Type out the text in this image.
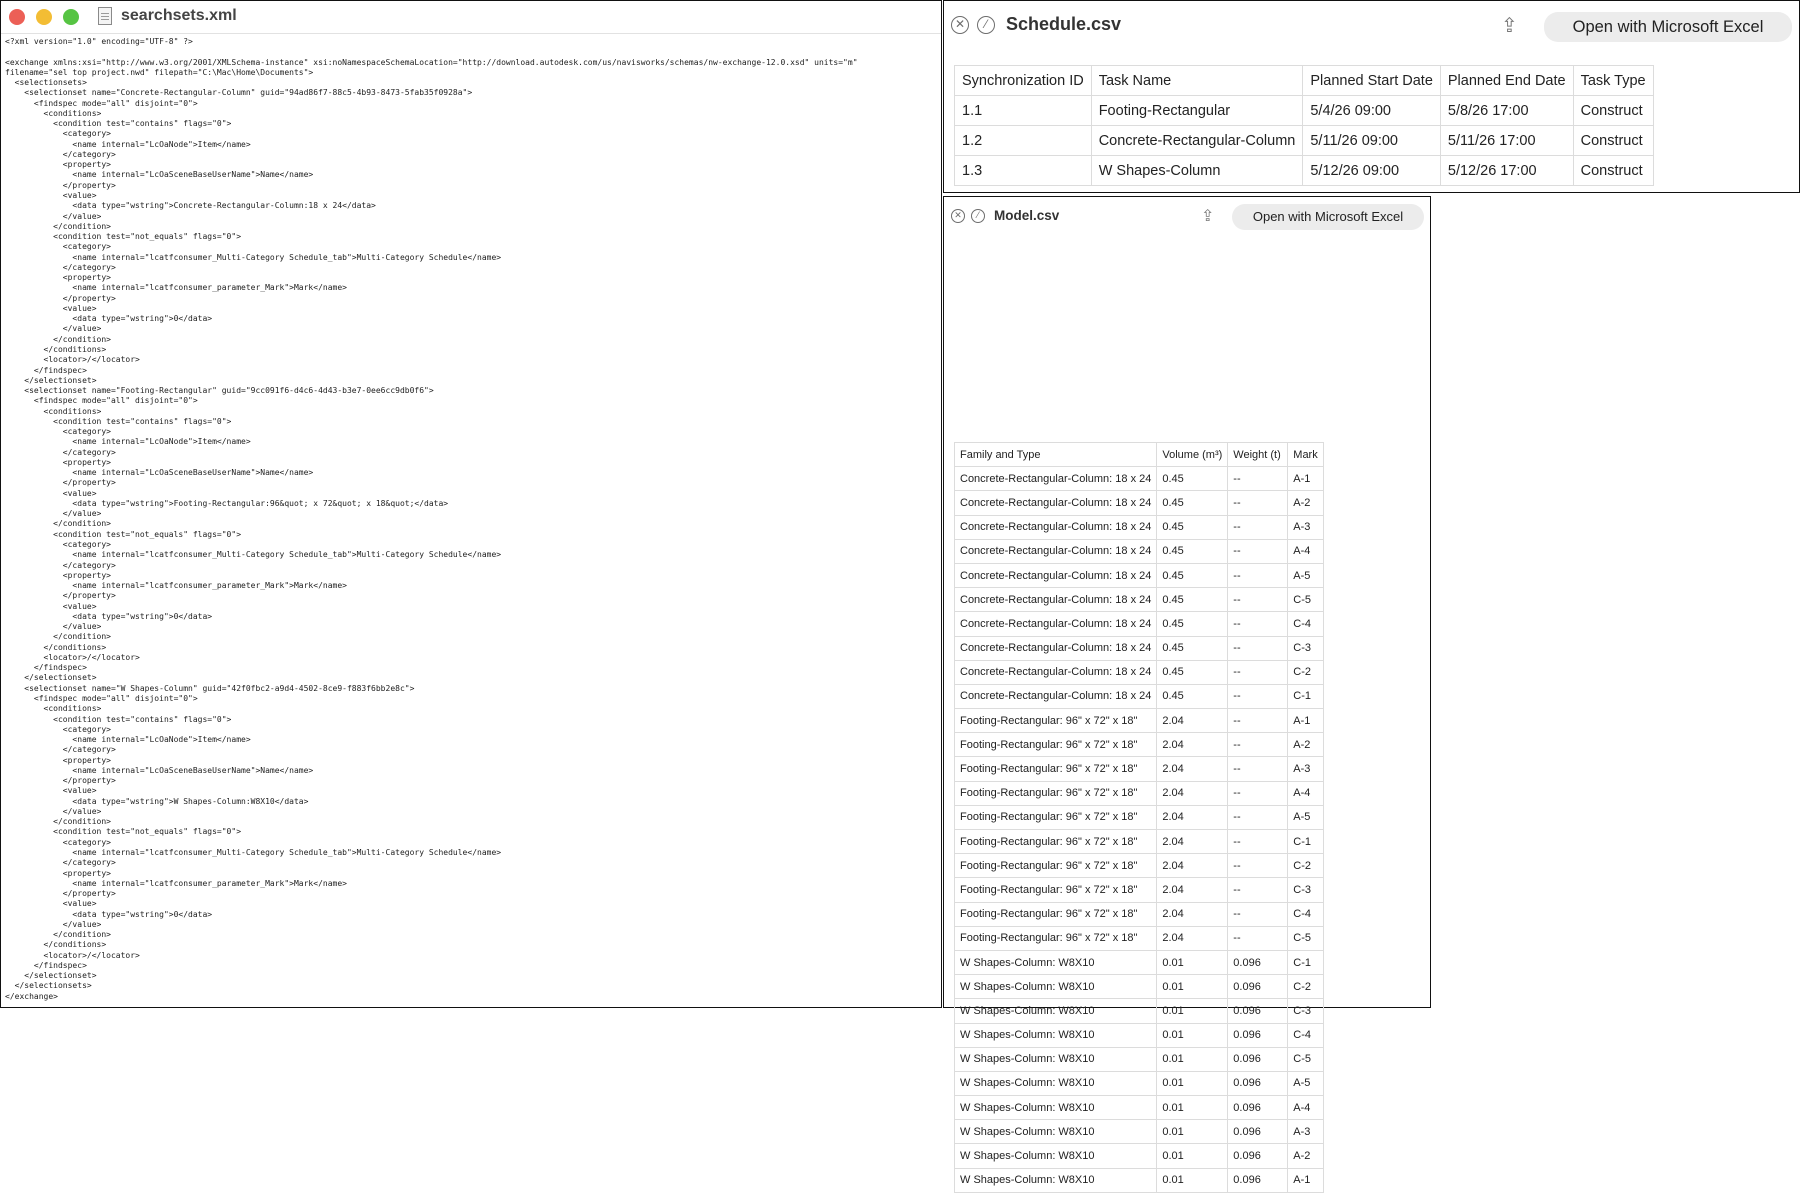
searchsets.xml
<?xml version="1.0" encoding="UTF-8" ?>
<exchange xmlns:xsi="http://www.w3.org/2001/XMLSchema-instance" xsi:noNamespaceSchemaLocation="http://download.autodesk.com/us/navisworks/schemas/nw-exchange-12.0.xsd" units="m"
filename="sel top project.nwd" filepath="C:\Mac\Home\Documents">
<selectionsets>
<selectionset name="Concrete-Rectangular-Column" guid="94ad86f7-88c5-4b93-8473-5fab35f0928a">
<findspec mode="all" disjoint="0">
<conditions>
<condition test="contains" flags="0">
<category>
<name internal="LcOaNode">Item</name>
</category>
<property>
<name internal="LcOaSceneBaseUserName">Name</name>
</property>
<value>
<data type="wstring">Concrete-Rectangular-Column:18 x 24</data>
</value>
</condition>
<condition test="not_equals" flags="0">
<category>
<name internal="lcatfconsumer_Multi-Category Schedule_tab">Multi-Category Schedule</name>
</category>
<property>
<name internal="lcatfconsumer_parameter_Mark">Mark</name>
</property>
<value>
<data type="wstring">0</data>
</value>
</condition>
</conditions>
<locator>/</locator>
</findspec>
</selectionset>
<selectionset name="Footing-Rectangular" guid="9cc091f6-d4c6-4d43-b3e7-0ee6cc9db0f6">
<findspec mode="all" disjoint="0">
<conditions>
<condition test="contains" flags="0">
<category>
<name internal="LcOaNode">Item</name>
</category>
<property>
<name internal="LcOaSceneBaseUserName">Name</name>
</property>
<value>
<data type="wstring">Footing-Rectangular:96&quot; x 72&quot; x 18&quot;</data>
</value>
</condition>
<condition test="not_equals" flags="0">
<category>
<name internal="lcatfconsumer_Multi-Category Schedule_tab">Multi-Category Schedule</name>
</category>
<property>
<name internal="lcatfconsumer_parameter_Mark">Mark</name>
</property>
<value>
<data type="wstring">0</data>
</value>
</condition>
</conditions>
<locator>/</locator>
</findspec>
</selectionset>
<selectionset name="W Shapes-Column" guid="42f0fbc2-a9d4-4502-8ce9-f883f6bb2e8c">
<findspec mode="all" disjoint="0">
<conditions>
<condition test="contains" flags="0">
<category>
<name internal="LcOaNode">Item</name>
</category>
<property>
<name internal="LcOaSceneBaseUserName">Name</name>
</property>
<value>
<data type="wstring">W Shapes-Column:W8X10</data>
</value>
</condition>
<condition test="not_equals" flags="0">
<category>
<name internal="lcatfconsumer_Multi-Category Schedule_tab">Multi-Category Schedule</name>
</category>
<property>
<name internal="lcatfconsumer_parameter_Mark">Mark</name>
</property>
<value>
<data type="wstring">0</data>
</value>
</condition>
</conditions>
<locator>/</locator>
</findspec>
</selectionset>
</selectionsets>
</exchange>
✕	⁄	Schedule.csv	⇪	Open with Microsoft Excel
Synchronization ID	Task Name	Planned Start Date	Planned End Date	Task Type
1.1	Footing-Rectangular	5/4/26 09:00	5/8/26 17:00	Construct
1.2	Concrete-Rectangular-Column	5/11/26 09:00	5/11/26 17:00	Construct
1.3	W Shapes-Column	5/12/26 09:00	5/12/26 17:00	Construct
✕	⁄	Model.csv	⇪	Open with Microsoft Excel
Family and Type	Volume (m³)	Weight (t)	Mark
Concrete-Rectangular-Column: 18 x 24	0.45	--	A-1
Concrete-Rectangular-Column: 18 x 24	0.45	--	A-2
Concrete-Rectangular-Column: 18 x 24	0.45	--	A-3
Concrete-Rectangular-Column: 18 x 24	0.45	--	A-4
Concrete-Rectangular-Column: 18 x 24	0.45	--	A-5
Concrete-Rectangular-Column: 18 x 24	0.45	--	C-5
Concrete-Rectangular-Column: 18 x 24	0.45	--	C-4
Concrete-Rectangular-Column: 18 x 24	0.45	--	C-3
Concrete-Rectangular-Column: 18 x 24	0.45	--	C-2
Concrete-Rectangular-Column: 18 x 24	0.45	--	C-1
Footing-Rectangular: 96" x 72" x 18"	2.04	--	A-1
Footing-Rectangular: 96" x 72" x 18"	2.04	--	A-2
Footing-Rectangular: 96" x 72" x 18"	2.04	--	A-3
Footing-Rectangular: 96" x 72" x 18"	2.04	--	A-4
Footing-Rectangular: 96" x 72" x 18"	2.04	--	A-5
Footing-Rectangular: 96" x 72" x 18"	2.04	--	C-1
Footing-Rectangular: 96" x 72" x 18"	2.04	--	C-2
Footing-Rectangular: 96" x 72" x 18"	2.04	--	C-3
Footing-Rectangular: 96" x 72" x 18"	2.04	--	C-4
Footing-Rectangular: 96" x 72" x 18"	2.04	--	C-5
W Shapes-Column: W8X10	0.01	0.096	C-1
W Shapes-Column: W8X10	0.01	0.096	C-2
W Shapes-Column: W8X10	0.01	0.096	C-3
W Shapes-Column: W8X10	0.01	0.096	C-4
W Shapes-Column: W8X10	0.01	0.096	C-5
W Shapes-Column: W8X10	0.01	0.096	A-5
W Shapes-Column: W8X10	0.01	0.096	A-4
W Shapes-Column: W8X10	0.01	0.096	A-3
W Shapes-Column: W8X10	0.01	0.096	A-2
W Shapes-Column: W8X10	0.01	0.096	A-1
